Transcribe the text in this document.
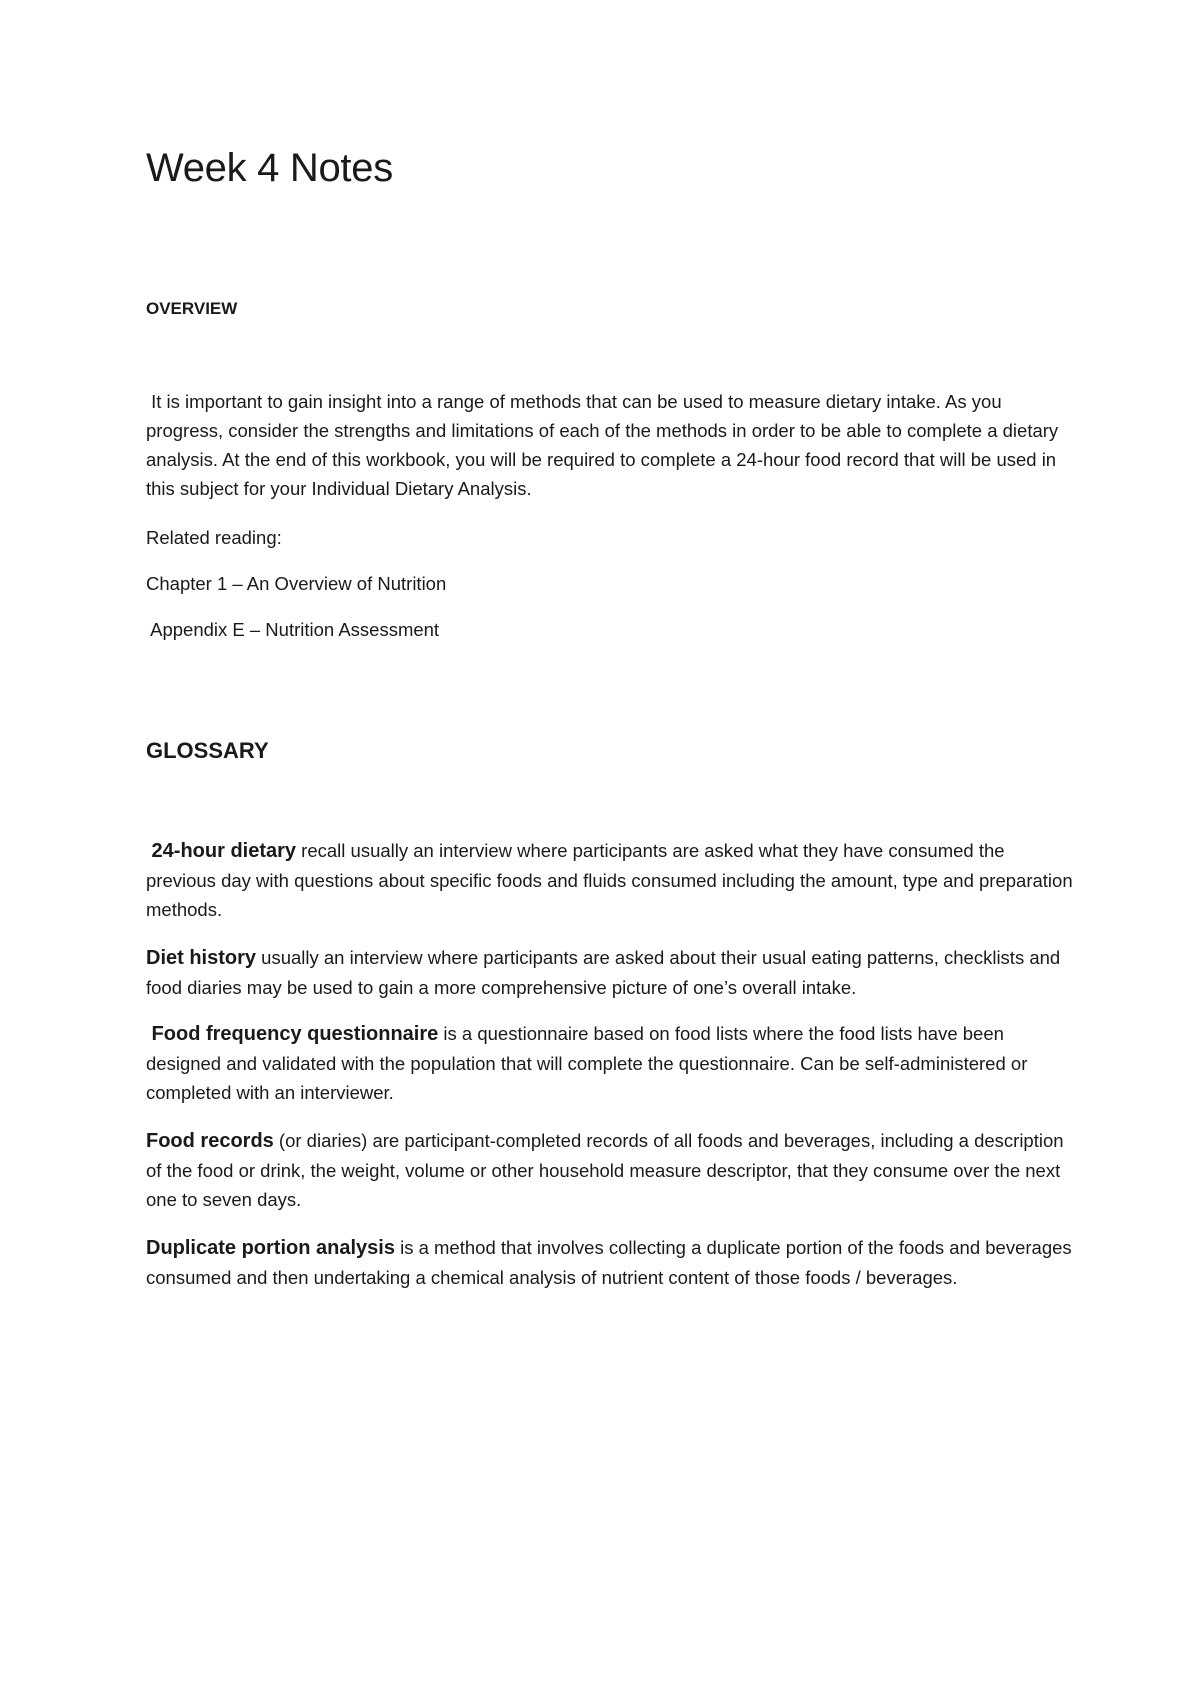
Week 4 Notes
OVERVIEW

It is important to gain insight into a range of methods that can be used to measure dietary intake. As you progress, consider the strengths and limitations of each of the methods in order to be able to complete a dietary analysis. At the end of this workbook, you will be required to complete a 24-hour food record that will be used in this subject for your Individual Dietary Analysis.

Related reading:

Chapter 1 – An Overview of Nutrition

Appendix E – Nutrition Assessment

GLOSSARY

24-hour dietary recall usually an interview where participants are asked what they have consumed the previous day with questions about specific foods and fluids consumed including the amount, type and preparation methods.

Diet history usually an interview where participants are asked about their usual eating patterns, checklists and food diaries may be used to gain a more comprehensive picture of one’s overall intake.

Food frequency questionnaire is a questionnaire based on food lists where the food lists have been designed and validated with the population that will complete the questionnaire. Can be self-administered or completed with an interviewer.

Food records (or diaries) are participant-completed records of all foods and beverages, including a description of the food or drink, the weight, volume or other household measure descriptor, that they consume over the next one to seven days.

Duplicate portion analysis is a method that involves collecting a duplicate portion of the foods and beverages consumed and then undertaking a chemical analysis of nutrient content of those foods / beverages.
